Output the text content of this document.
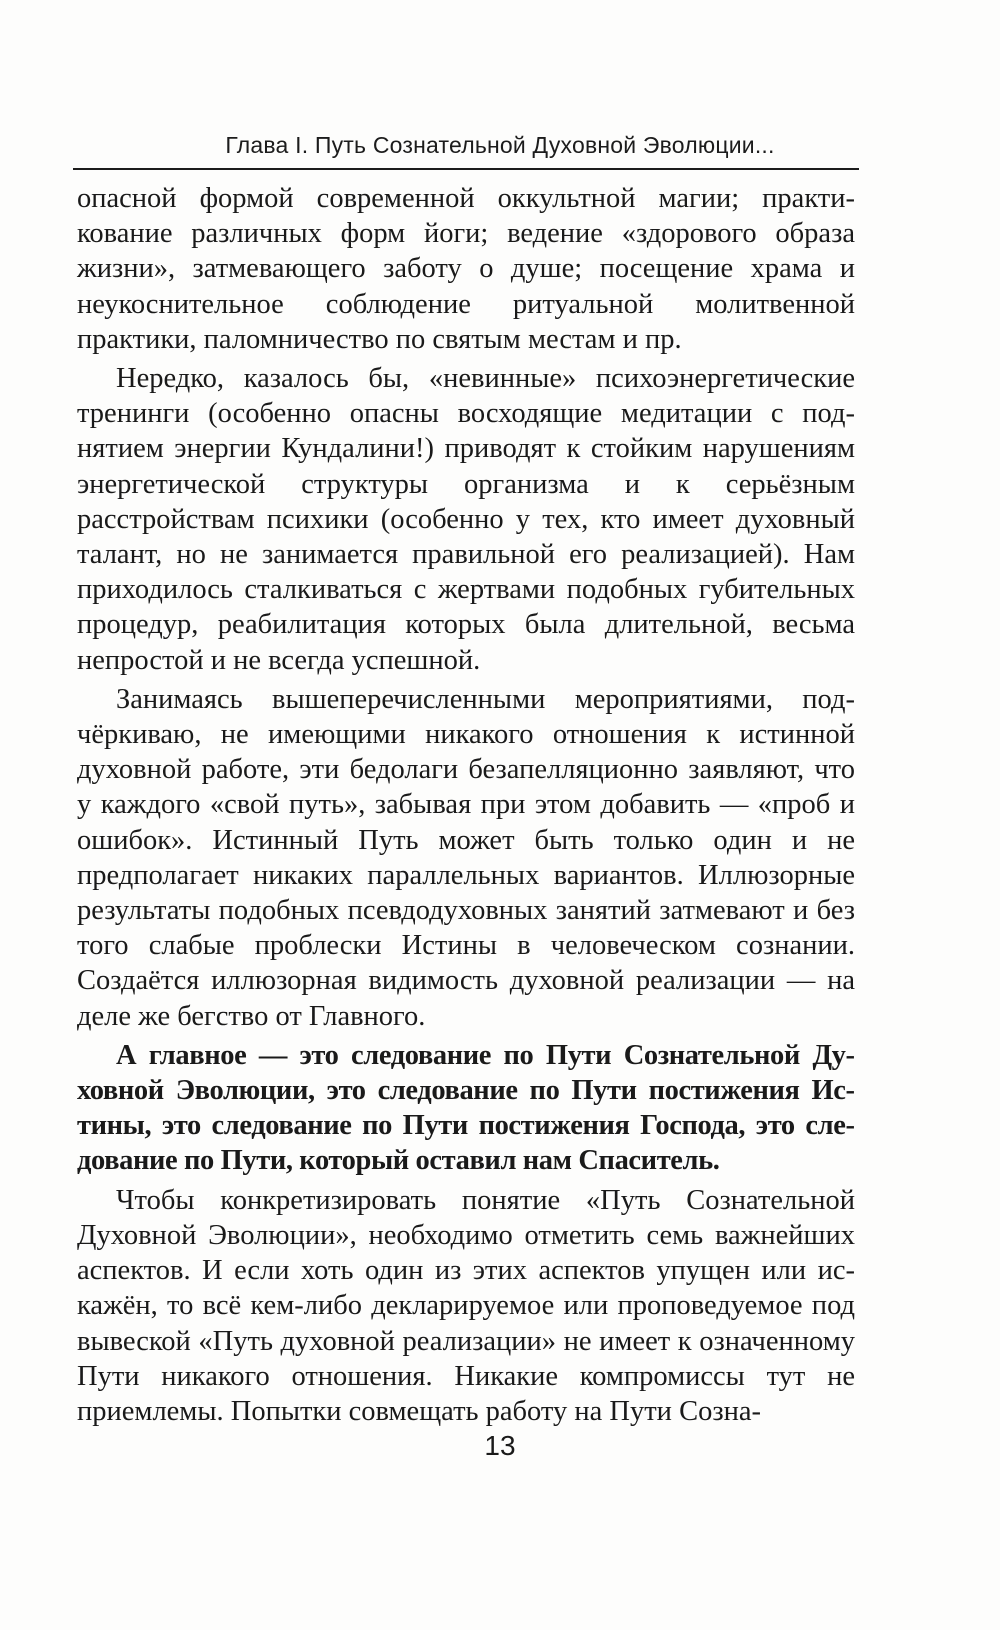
Глава I. Путь Сознательной Духовной Эволюции...

опасной формой современной оккультной магии; практикование различных форм йоги; ведение «здорового образа жизни», затмевающего заботу о душе; посещение храма и неукоснительное соблюдение ритуальной молитвенной практики, паломничество по святым местам и пр.

Нередко, казалось бы, «невинные» психоэнергетические тренинги (особенно опасны восходящие медитации с поднятием энергии Кундалини!) приводят к стойким нарушениям энергетической структуры организма и к серьёзным расстройствам психики (особенно у тех, кто имеет духовный талант, но не занимается правильной его реализацией). Нам приходилось сталкиваться с жертвами подобных губительных процедур, реабилитация которых была длительной, весьма непростой и не всегда успешной.

Занимаясь вышеперечисленными мероприятиями, подчёркиваю, не имеющими никакого отношения к истинной духовной работе, эти бедолаги безапелляционно заявляют, что у каждого «свой путь», забывая при этом добавить — «проб и ошибок». Истинный Путь может быть только один и не предполагает никаких параллельных вариантов. Иллюзорные результаты подобных псевдодуховных занятий затмевают и без того слабые проблески Истины в человеческом сознании. Создаётся иллюзорная видимость духовной реализации — на деле же бегство от Главного.

А главное — это следование по Пути Сознательной Духовной Эволюции, это следование по Пути постижения Истины, это следование по Пути постижения Господа, это следование по Пути, который оставил нам Спаситель.

Чтобы конкретизировать понятие «Путь Сознательной Духовной Эволюции», необходимо отметить семь важнейших аспектов. И если хоть один из этих аспектов упущен или искажён, то всё кем-либо декларируемое или проповедуемое под вывеской «Путь духовной реализации» не имеет к означенному Пути никакого отношения. Никакие компромиссы тут не приемлемы. Попытки совмещать работу на Пути Созна-

13
